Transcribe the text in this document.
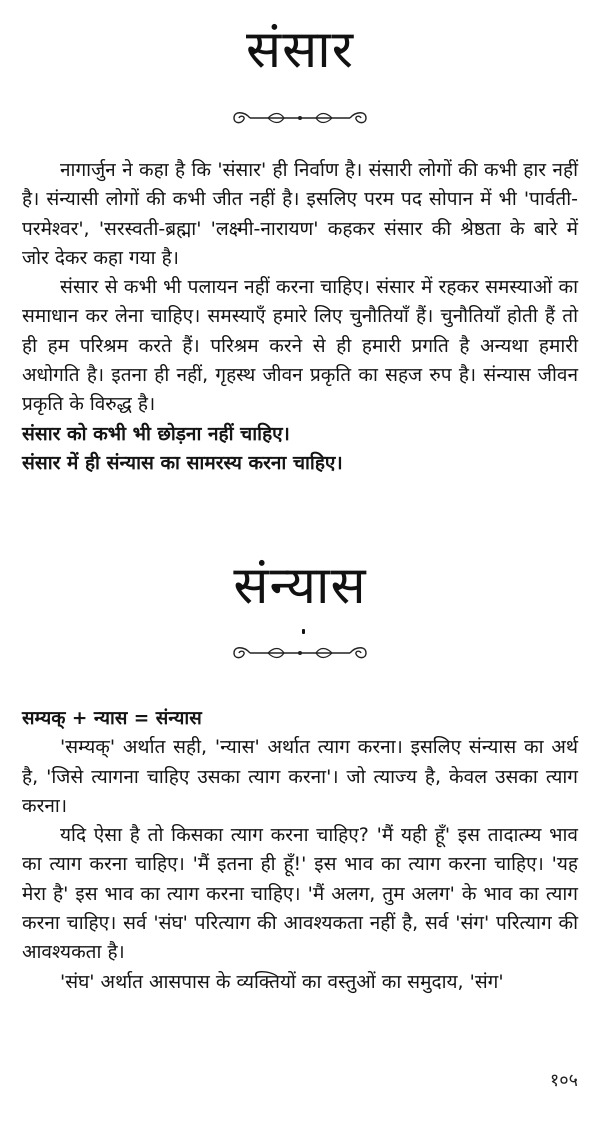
संसार

नागार्जुन ने कहा है कि 'संसार' ही निर्वाण है। संसारी लोगों की कभी हार नहीं है। संन्यासी लोगों की कभी जीत नहीं है। इसलिए परम पद सोपान में भी 'पार्वती-परमेश्वर', 'सरस्वती-ब्रह्मा' 'लक्ष्मी-नारायण' कहकर संसार की श्रेष्ठता के बारे में जोर देकर कहा गया है।

संसार से कभी भी पलायन नहीं करना चाहिए। संसार में रहकर समस्याओं का समाधान कर लेना चाहिए। समस्याएँ हमारे लिए चुनौतियाँ हैं। चुनौतियाँ होती हैं तो ही हम परिश्रम करते हैं। परिश्रम करने से ही हमारी प्रगति है अन्यथा हमारी अधोगति है। इतना ही नहीं, गृहस्थ जीवन प्रकृति का सहज रुप है। संन्यास जीवन प्रकृति के विरुद्ध है।

संसार को कभी भी छोड़ना नहीं चाहिए।

संसार में ही संन्यास का सामरस्य करना चाहिए।

संन्यास

सम्यक् + न्यास = संन्यास

'सम्यक्' अर्थात सही, 'न्यास' अर्थात त्याग करना। इसलिए संन्यास का अर्थ है, 'जिसे त्यागना चाहिए उसका त्याग करना'। जो त्याज्य है, केवल उसका त्याग करना।

यदि ऐसा है तो किसका त्याग करना चाहिए? 'मैं यही हूँ' इस तादात्म्य भाव का त्याग करना चाहिए। 'मैं इतना ही हूँ!' इस भाव का त्याग करना चाहिए। 'यह मेरा है' इस भाव का त्याग करना चाहिए। 'मैं अलग, तुम अलग' के भाव का त्याग करना चाहिए। सर्व 'संघ' परित्याग की आवश्यकता नहीं है, सर्व 'संग' परित्याग की आवश्यकता है।

'संघ' अर्थात आसपास के व्यक्तियों का वस्तुओं का समुदाय, 'संग'

१०५
